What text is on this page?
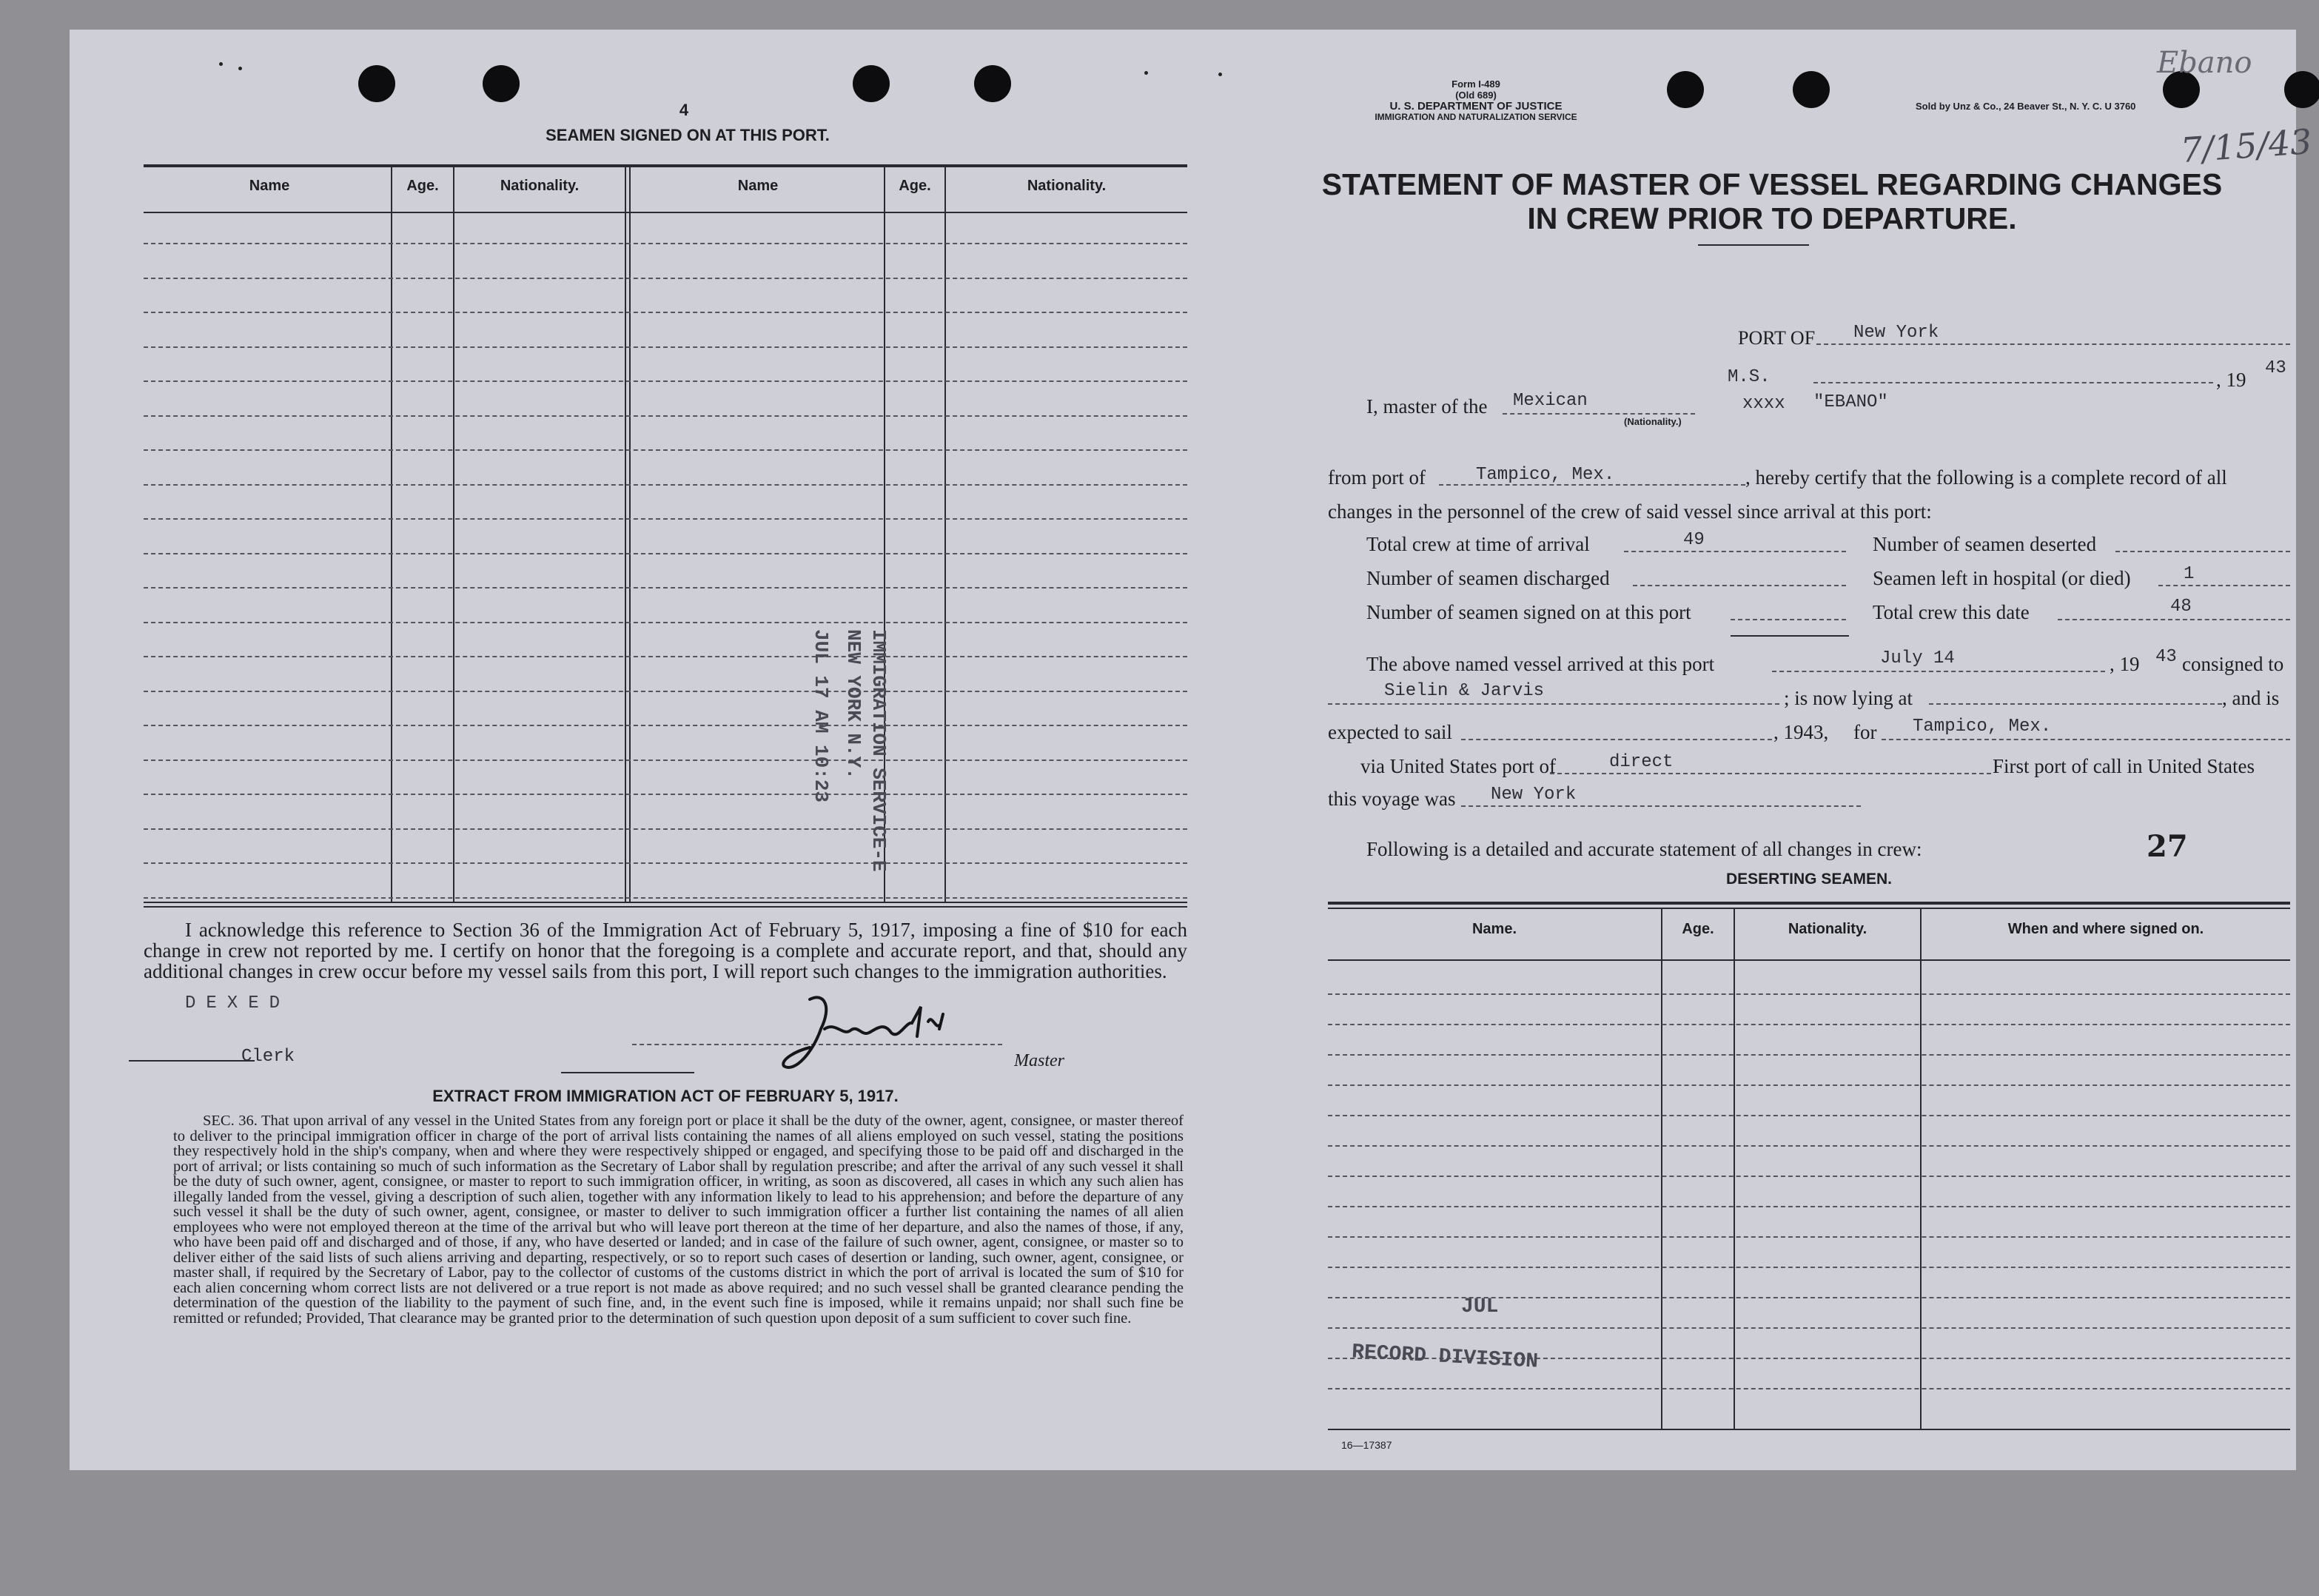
4
SEAMEN SIGNED ON AT THIS PORT.
Name	Age.	Nationality.	Name	Age.	Nationality.
IMMIGRATION SERVICE-E
NEW YORK N.Y.
JUL 17 AM 10:23
I acknowledge this reference to Section 36 of the Immigration Act of February 5, 1917, imposing a fine of $10 for each change in crew not reported by me. I certify on honor that the foregoing is a complete and accurate report, and that, should any additional changes in crew occur before my vessel sails from this port, I will report such changes to the immigration authorities.
DEXED
Clerk	Master
EXTRACT FROM IMMIGRATION ACT OF FEBRUARY 5, 1917.
SEC. 36. That upon arrival of any vessel in the United States from any foreign port or place it shall be the duty of the owner, agent, consignee, or master thereof to deliver to the principal immigration officer in charge of the port of arrival lists containing the names of all aliens employed on such vessel, stating the positions they respectively hold in the ship's company, when and where they were respectively shipped or engaged, and specifying those to be paid off and discharged in the port of arrival; or lists containing so much of such information as the Secretary of Labor shall by regulation prescribe; and after the arrival of any such vessel it shall be the duty of such owner, agent, consignee, or master to report to such immigration officer, in writing, as soon as discovered, all cases in which any such alien has illegally landed from the vessel, giving a description of such alien, together with any information likely to lead to his apprehension; and before the departure of any such vessel it shall be the duty of such owner, agent, consignee, or master to deliver to such immigration officer a further list containing the names of all alien employees who were not employed thereon at the time of the arrival but who will leave port thereon at the time of her departure, and also the names of those, if any, who have been paid off and discharged and of those, if any, who have deserted or landed; and in case of the failure of such owner, agent, consignee, or master so to deliver either of the said lists of such aliens arriving and departing, respectively, or so to report such cases of desertion or landing, such owner, agent, consignee, or master shall, if required by the Secretary of Labor, pay to the collector of customs of the customs district in which the port of arrival is located the sum of $10 for each alien concerning whom correct lists are not delivered or a true report is not made as above required; and no such vessel shall be granted clearance pending the determination of the question of the liability to the payment of such fine, and, in the event such fine is imposed, while it remains unpaid; nor shall such fine be remitted or refunded; Provided, That clearance may be granted prior to the determination of such question upon deposit of a sum sufficient to cover such fine.
Form I-489
(Old 689)
U. S. DEPARTMENT OF JUSTICE
IMMIGRATION AND NATURALIZATION SERVICE
Sold by Unz & Co., 24 Beaver St., N. Y. C. U 3760
Ebano
7/15/43
STATEMENT OF MASTER OF VESSEL REGARDING CHANGES
IN CREW PRIOR TO DEPARTURE.
PORT OF New York
M.S.	, 19
43
I, master of the Mexican
(Nationality.)
xxxx "EBANO"
from port of	Tampico, Mex.	, hereby certify that the following is a complete record of all
changes in the personnel of the crew of said vessel since arrival at this port:
Total crew at time of arrival	49	Number of seamen deserted
Number of seamen discharged	Seamen left in hospital (or died)	1
Number of seamen signed on at this port	Total crew this date	48
The above named vessel arrived at this port	July 14	, 19 43 consigned to
Sielin & Jarvis	; is now lying at	, and is
expected to sail	, 1943, for Tampico, Mex.
via United States port of	direct	First port of call in United States
this voyage was New York
Following is a detailed and accurate statement of all changes in crew:	27
DESERTING SEAMEN.
Name.	Age.	Nationality.	When and where signed on.
JUL
RECORD DIVISION
16—17387
